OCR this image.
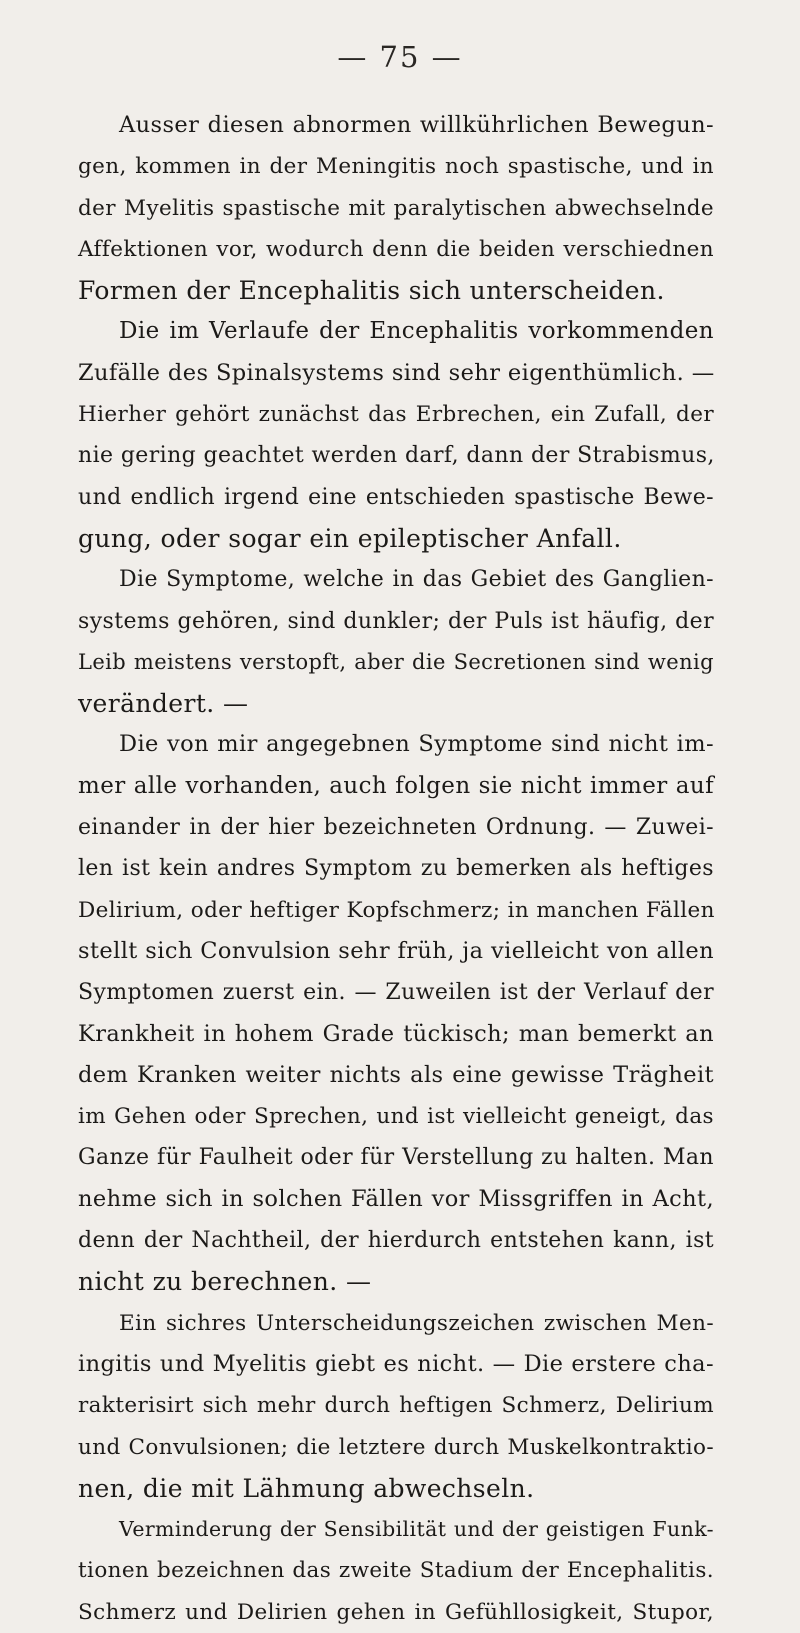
— 75 —
Ausser diesen abnormen willkührlichen Bewegun-
gen, kommen in der Meningitis noch spastische, und in
der Myelitis spastische mit paralytischen abwechselnde
Affektionen vor, wodurch denn die beiden verschiednen
Formen der Encephalitis sich unterscheiden.
Die im Verlaufe der Encephalitis vorkommenden
Zufälle des Spinalsystems sind sehr eigenthümlich. —
Hierher gehört zunächst das Erbrechen, ein Zufall, der
nie gering geachtet werden darf, dann der Strabismus,
und endlich irgend eine entschieden spastische Bewe-
gung, oder sogar ein epileptischer Anfall.
Die Symptome, welche in das Gebiet des Ganglien-
systems gehören, sind dunkler; der Puls ist häufig, der
Leib meistens verstopft, aber die Secretionen sind wenig
verändert. —
Die von mir angegebnen Symptome sind nicht im-
mer alle vorhanden, auch folgen sie nicht immer auf
einander in der hier bezeichneten Ordnung. — Zuwei-
len ist kein andres Symptom zu bemerken als heftiges
Delirium, oder heftiger Kopfschmerz; in manchen Fällen
stellt sich Convulsion sehr früh, ja vielleicht von allen
Symptomen zuerst ein. — Zuweilen ist der Verlauf der
Krankheit in hohem Grade tückisch; man bemerkt an
dem Kranken weiter nichts als eine gewisse Trägheit
im Gehen oder Sprechen, und ist vielleicht geneigt, das
Ganze für Faulheit oder für Verstellung zu halten. Man
nehme sich in solchen Fällen vor Missgriffen in Acht,
denn der Nachtheil, der hierdurch entstehen kann, ist
nicht zu berechnen. —
Ein sichres Unterscheidungszeichen zwischen Men-
ingitis und Myelitis giebt es nicht. — Die erstere cha-
rakterisirt sich mehr durch heftigen Schmerz, Delirium
und Convulsionen; die letztere durch Muskelkontraktio-
nen, die mit Lähmung abwechseln.
Verminderung der Sensibilität und der geistigen Funk-
tionen bezeichnen das zweite Stadium der Encephalitis.
Schmerz und Delirien gehen in Gefühllosigkeit, Stupor,
